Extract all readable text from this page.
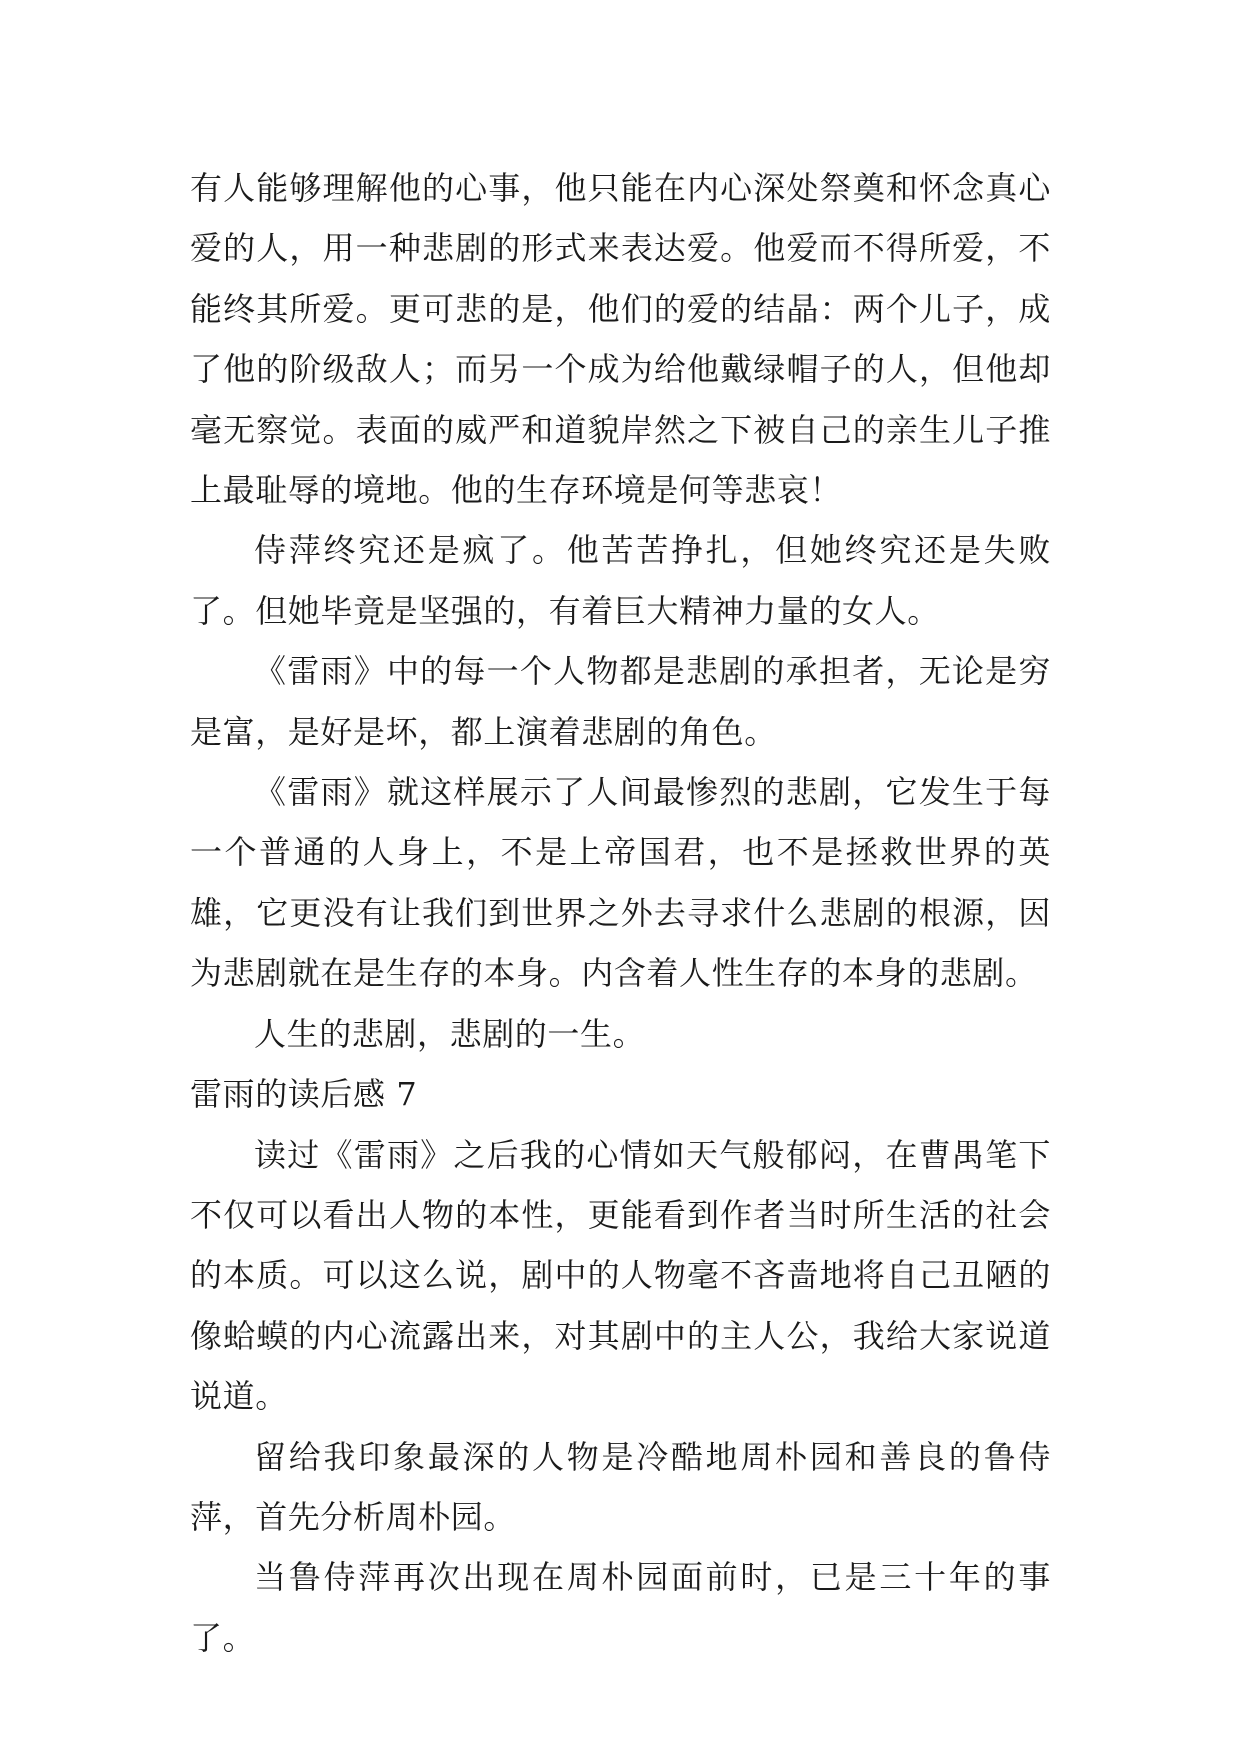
有人能够理解他的心事，他只能在内心深处祭奠和怀念真心爱的人，用一种悲剧的形式来表达爱。他爱而不得所爱，不能终其所爱。更可悲的是，他们的爱的结晶：两个儿子，成了他的阶级敌人；而另一个成为给他戴绿帽子的人，但他却毫无察觉。表面的威严和道貌岸然之下被自己的亲生儿子推上最耻辱的境地。他的生存环境是何等悲哀！

侍萍终究还是疯了。他苦苦挣扎，但她终究还是失败了。但她毕竟是坚强的，有着巨大精神力量的女人。

《雷雨》中的每一个人物都是悲剧的承担者，无论是穷是富，是好是坏，都上演着悲剧的角色。

《雷雨》就这样展示了人间最惨烈的悲剧，它发生于每一个普通的人身上，不是上帝国君，也不是拯救世界的英雄，它更没有让我们到世界之外去寻求什么悲剧的根源，因为悲剧就在是生存的本身。内含着人性生存的本身的悲剧。

人生的悲剧，悲剧的一生。

雷雨的读后感 7

读过《雷雨》之后我的心情如天气般郁闷，在曹禺笔下不仅可以看出人物的本性，更能看到作者当时所生活的社会的本质。可以这么说，剧中的人物毫不吝啬地将自己丑陋的像蛤蟆的内心流露出来，对其剧中的主人公，我给大家说道说道。

留给我印象最深的人物是冷酷地周朴园和善良的鲁侍萍，首先分析周朴园。

当鲁侍萍再次出现在周朴园面前时，已是三十年的事了。
